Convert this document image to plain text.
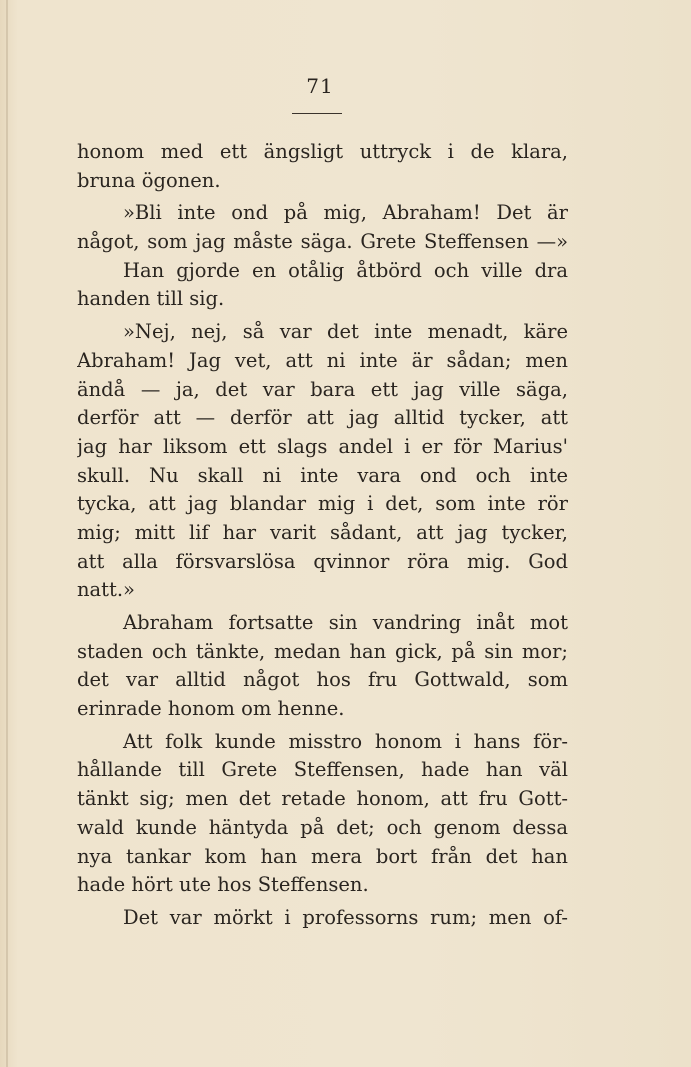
71
honom med ett ängsligt uttryck i de klara,
bruna ögonen.
»Bli inte ond på mig, Abraham! Det är
något, som jag måste säga. Grete Steffensen —»
Han gjorde en otålig åtbörd och ville dra
handen till sig.
»Nej, nej, så var det inte menadt, käre
Abraham! Jag vet, att ni inte är sådan; men
ändå — ja, det var bara ett jag ville säga,
derför att — derför att jag alltid tycker, att
jag har liksom ett slags andel i er för Marius'
skull. Nu skall ni inte vara ond och inte
tycka, att jag blandar mig i det, som inte rör
mig; mitt lif har varit sådant, att jag tycker,
att alla försvarslösa qvinnor röra mig. God
natt.»
Abraham fortsatte sin vandring inåt mot
staden och tänkte, medan han gick, på sin mor;
det var alltid något hos fru Gottwald, som
erinrade honom om henne.
Att folk kunde misstro honom i hans för-
hållande till Grete Steffensen, hade han väl
tänkt sig; men det retade honom, att fru Gott-
wald kunde häntyda på det; och genom dessa
nya tankar kom han mera bort från det han
hade hört ute hos Steffensen.
Det var mörkt i professorns rum; men of-
